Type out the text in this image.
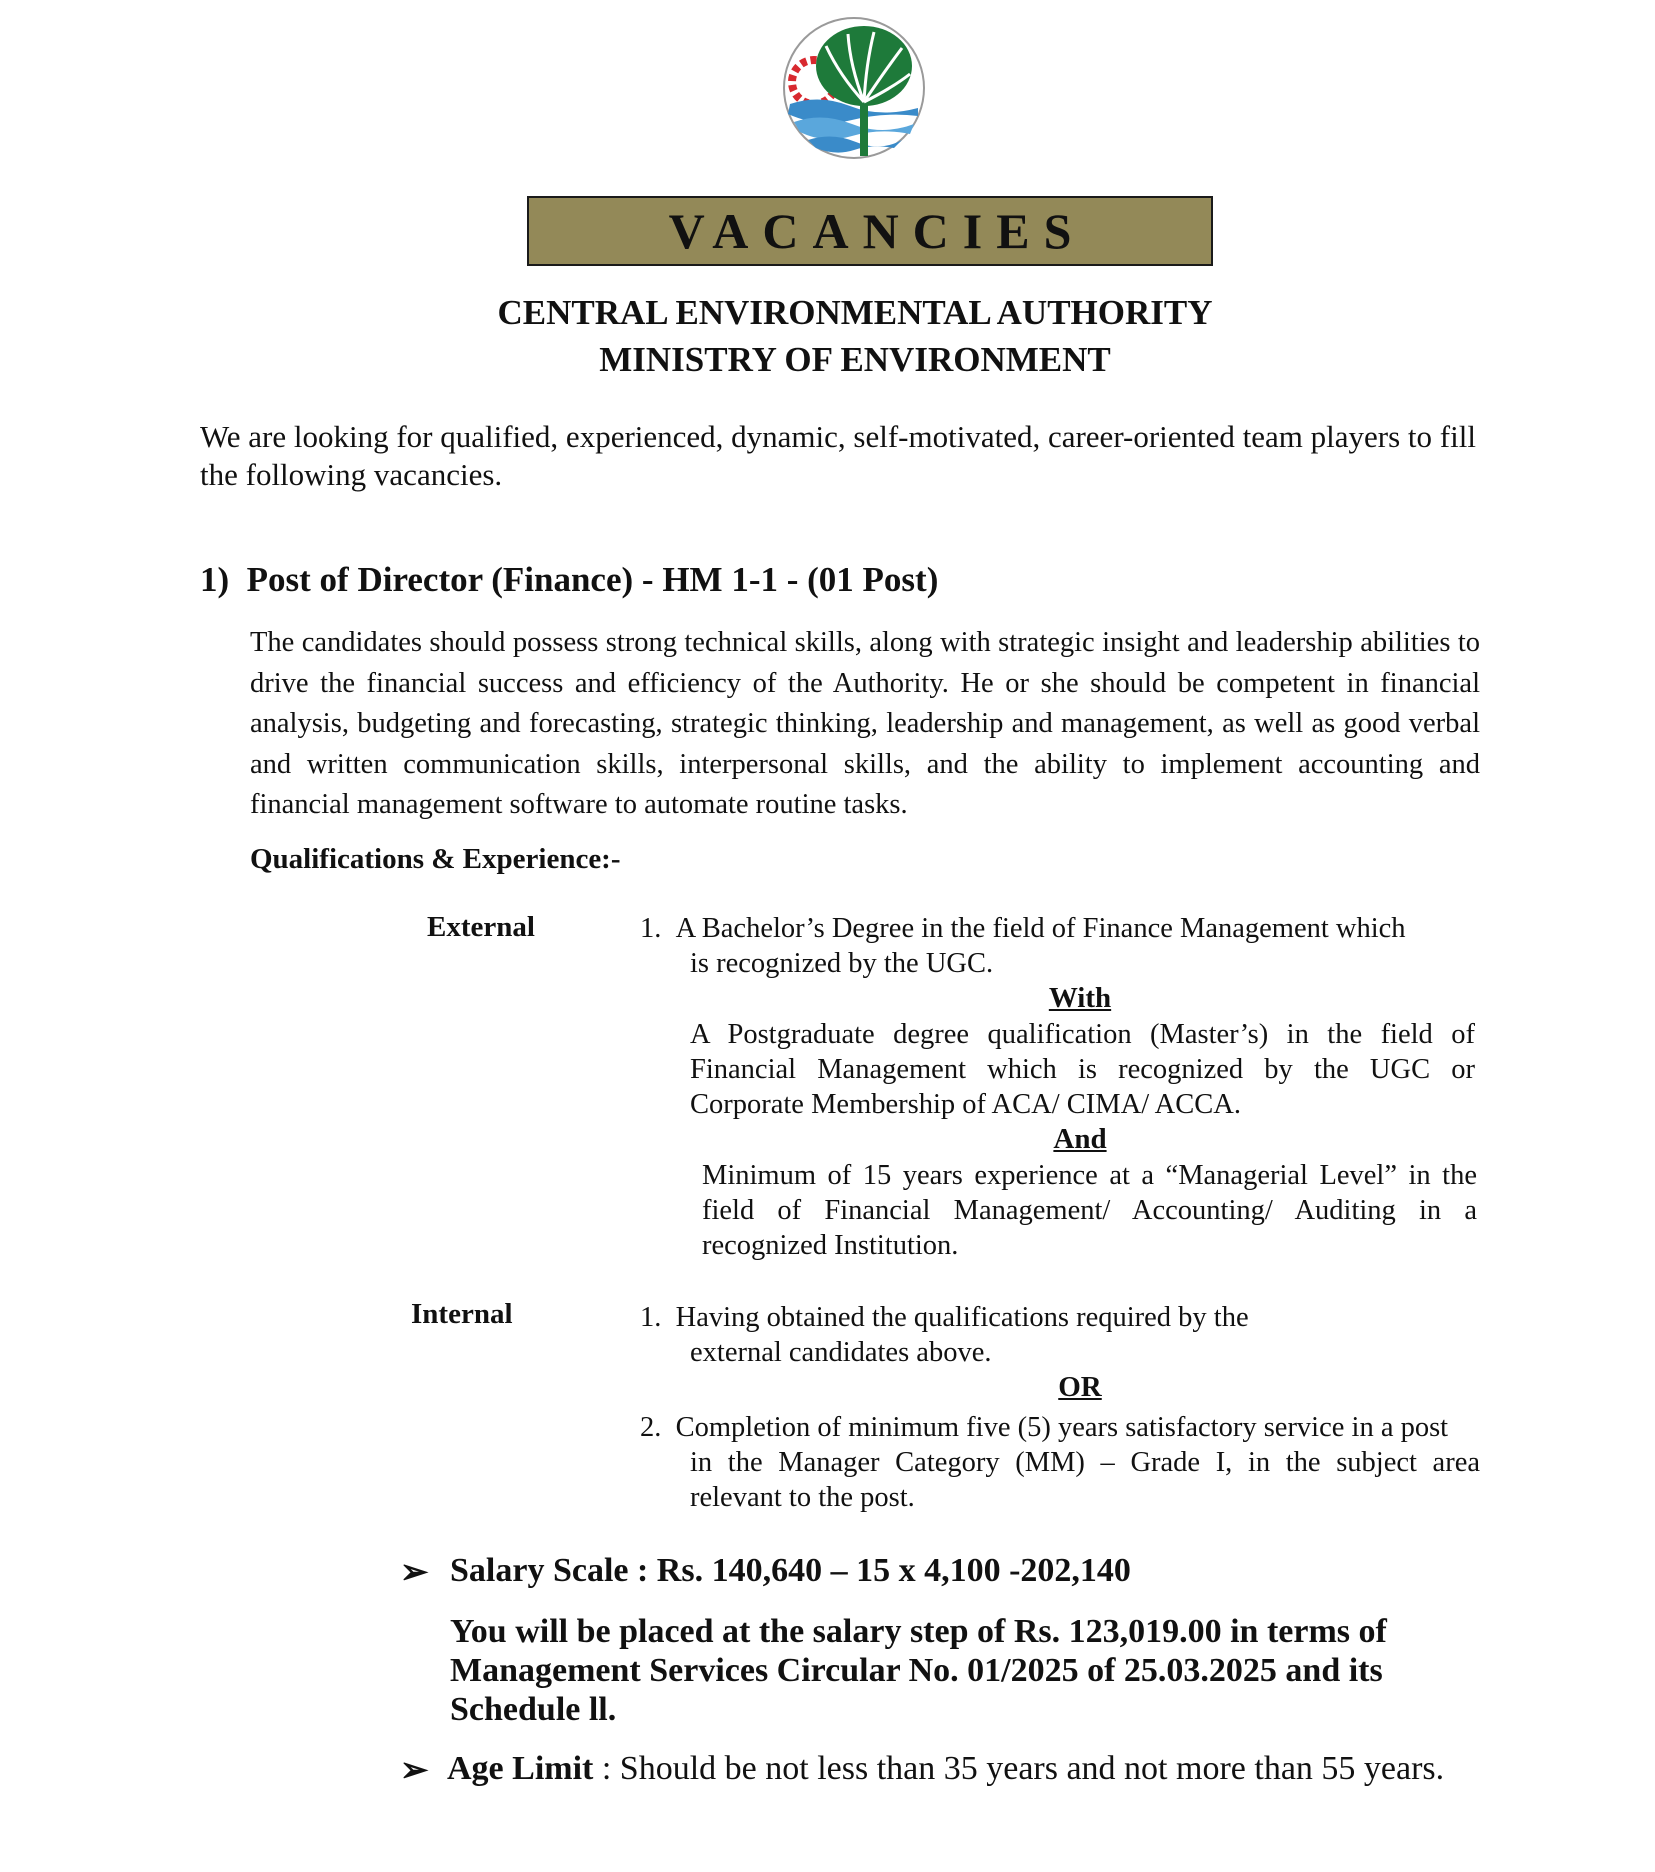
VACANCIES
CENTRAL ENVIRONMENTAL AUTHORITY
MINISTRY OF ENVIRONMENT
We are looking for qualified, experienced, dynamic, self-motivated, career-oriented team players to fill the following vacancies.
1) Post of Director (Finance) - HM 1-1 - (01 Post)
The candidates should possess strong technical skills, along with strategic insight and leadership abilities to drive the financial success and efficiency of the Authority. He or she should be competent in financial analysis, budgeting and forecasting, strategic thinking, leadership and management, as well as good verbal and written communication skills, interpersonal skills, and the ability to implement accounting and financial management software to automate routine tasks.
Qualifications & Experience:-
External	1. A Bachelor’s Degree in the field of Finance Management which
is recognized by the UGC.
With
A Postgraduate degree qualification (Master’s) in the field of Financial Management which is recognized by the UGC or Corporate Membership of ACA/ CIMA/ ACCA.
And
Minimum of 15 years experience at a “Managerial Level” in the field of Financial Management/ Accounting/ Auditing in a recognized Institution.
Internal	1. Having obtained the qualifications required by the
external candidates above.
OR
2. Completion of minimum five (5) years satisfactory service in a post
in the Manager Category (MM) – Grade I, in the subject area relevant to the post.
➢ Salary Scale : Rs. 140,640 – 15 x 4,100 -202,140
You will be placed at the salary step of Rs. 123,019.00 in terms of Management Services Circular No. 01/2025 of 25.03.2025 and its Schedule ll.
➢ Age Limit : Should be not less than 35 years and not more than 55 years.
